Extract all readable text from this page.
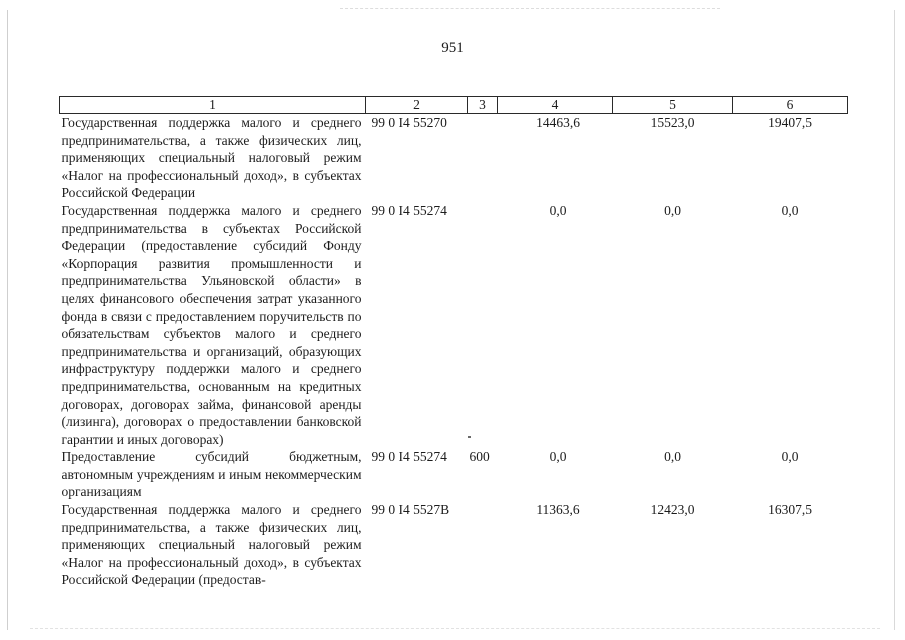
951
1	2	3	4	5	6
Государственная поддержка малого и среднего предпринимательства, а также физических лиц, применяющих специальный налоговый режим «Налог на профессиональный доход», в субъектах Российской Федерации	99 0 I4 55270		14463,6	15523,0	19407,5
Государственная поддержка малого и среднего предпринимательства в субъектах Российской Федерации (предоставление субсидий Фонду «Корпорация развития промышленности и предпринимательства Ульяновской области» в целях финансового обеспечения затрат указанного фонда в связи с предоставлением поручительств по обязательствам субъектов малого и среднего предпринимательства и организаций, образующих инфраструктуру поддержки малого и среднего предпринимательства, основанным на кредитных договорах, договорах займа, финансовой аренды (лизинга), договорах о предоставлении банковской гарантии и иных договорах)	99 0 I4 55274		0,0	0,0	0,0
Предоставление субсидий бюджетным, автономным учреждениям и иным некоммерческим организациям	99 0 I4 55274	600	0,0	0,0	0,0
Государственная поддержка малого и среднего предпринимательства, а также физических лиц, применяющих специальный налоговый режим «Налог на профессиональный доход», в субъектах Российской Федерации (предостав-	99 0 I4 5527B		11363,6	12423,0	16307,5
